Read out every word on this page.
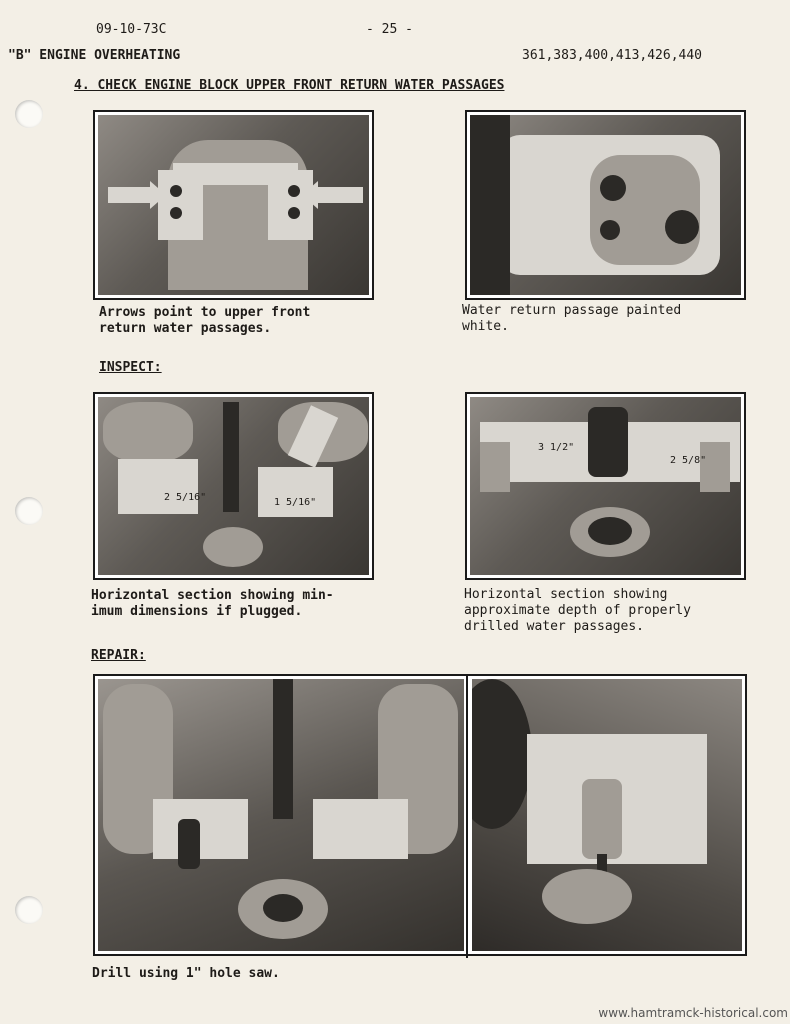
09-10-73C	- 25 -
"B" ENGINE OVERHEATING	361,383,400,413,426,440
4. CHECK ENGINE BLOCK UPPER FRONT RETURN WATER PASSAGES
Arrows point to upper front
return water passages.
Water return passage painted
white.
INSPECT:
2 5/16"	1 5/16"
Horizontal section showing min-
imum dimensions if plugged.
3 1/2"
2 5/8"
Horizontal section showing
approximate depth of properly
drilled water passages.
REPAIR:
Drill using 1" hole saw.
www.hamtramck-historical.com
